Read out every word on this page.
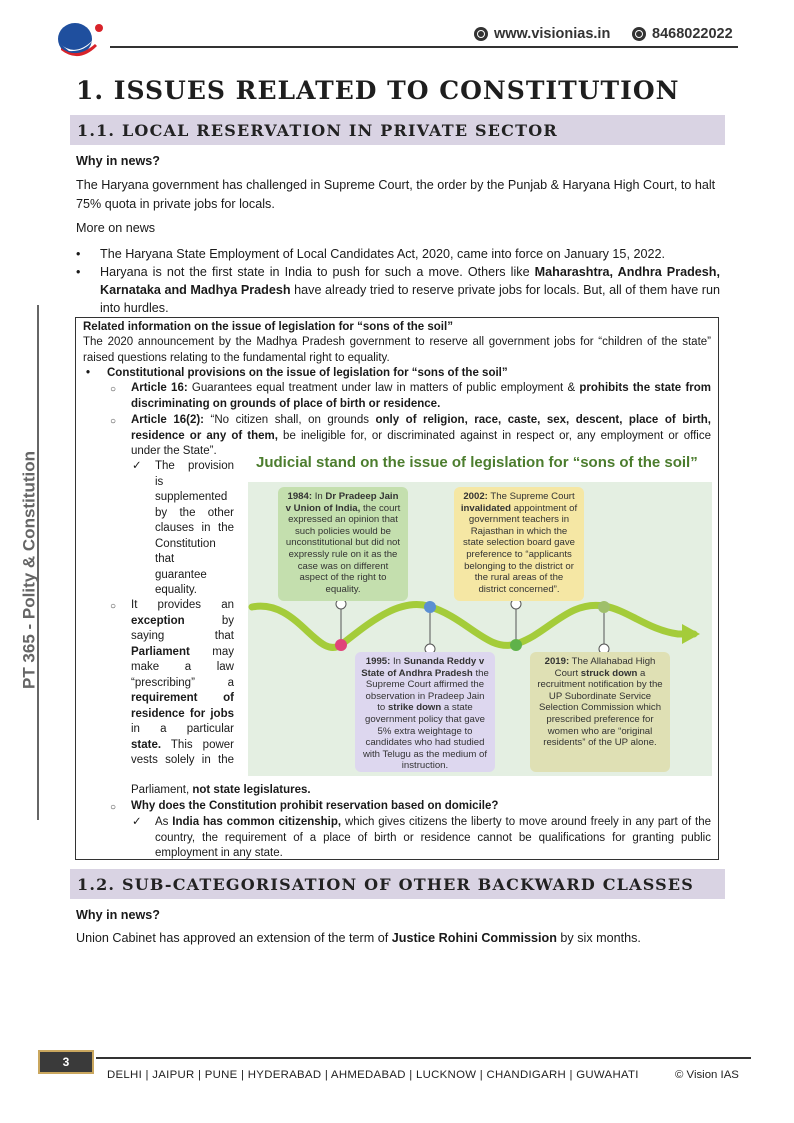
www.visionias.in	8468022022
PT 365 - Polity & Constitution
1. ISSUES RELATED TO CONSTITUTION
1.1. LOCAL RESERVATION IN PRIVATE SECTOR
Why in news?
The Haryana government has challenged in Supreme Court, the order by the Punjab & Haryana High Court, to halt 75% quota in private jobs for locals.
More on news
• The Haryana State Employment of Local Candidates Act, 2020, came into force on January 15, 2022.
• Haryana is not the first state in India to push for such a move. Others like Maharashtra, Andhra Pradesh, Karnataka and Madhya Pradesh have already tried to reserve private jobs for locals. But, all of them have run into hurdles.
Related information on the issue of legislation for “sons of the soil”
The 2020 announcement by the Madhya Pradesh government to reserve all government jobs for “children of the state” raised questions relating to the fundamental right to equality.
• Constitutional provisions on the issue of legislation for “sons of the soil”
○ Article 16: Guarantees equal treatment under law in matters of public employment & prohibits the state from discriminating on grounds of place of birth or residence.
○ Article 16(2): “No citizen shall, on grounds only of religion, race, caste, sex, descent, place of birth, residence or any of them, be ineligible for, or discriminated against in respect or, any employment or office under the State”.
✓ The provision
is
supplemented
by the other
clauses in the
Constitution
that
guarantee
equality.
○ It provides an
exception by
saying that
Parliament may
make a law
“prescribing” a
requirement of
residence for jobs
in a particular
state. This power
vests solely in the
Parliament, not state legislatures.
○ Why does the Constitution prohibit reservation based on domicile?
✓ As India has common citizenship, which gives citizens the liberty to move around freely in any part of the country, the requirement of a place of birth or residence cannot be qualifications for granting public employment in any state.
Judicial stand on the issue of legislation for “sons of the soil”
1984: In Dr Pradeep Jain v Union of India, the court expressed an opinion that such policies would be unconstitutional but did not expressly rule on it as the case was on different aspect of the right to equality.
2002: The Supreme Court invalidated appointment of government teachers in Rajasthan in which the state selection board gave preference to “applicants belonging to the district or the rural areas of the district concerned”.
1995: In Sunanda Reddy v State of Andhra Pradesh the Supreme Court affirmed the observation in Pradeep Jain to strike down a state government policy that gave 5% extra weightage to candidates who had studied with Telugu as the medium of instruction.
2019: The Allahabad High Court struck down a recruitment notification by the UP Subordinate Service Selection Commission which prescribed preference for women who are “original residents” of the UP alone.
1.2. SUB-CATEGORISATION OF OTHER BACKWARD CLASSES
Why in news?
Union Cabinet has approved an extension of the term of Justice Rohini Commission by six months.
3
DELHI | JAIPUR | PUNE | HYDERABAD | AHMEDABAD | LUCKNOW | CHANDIGARH | GUWAHATI	© Vision IAS
